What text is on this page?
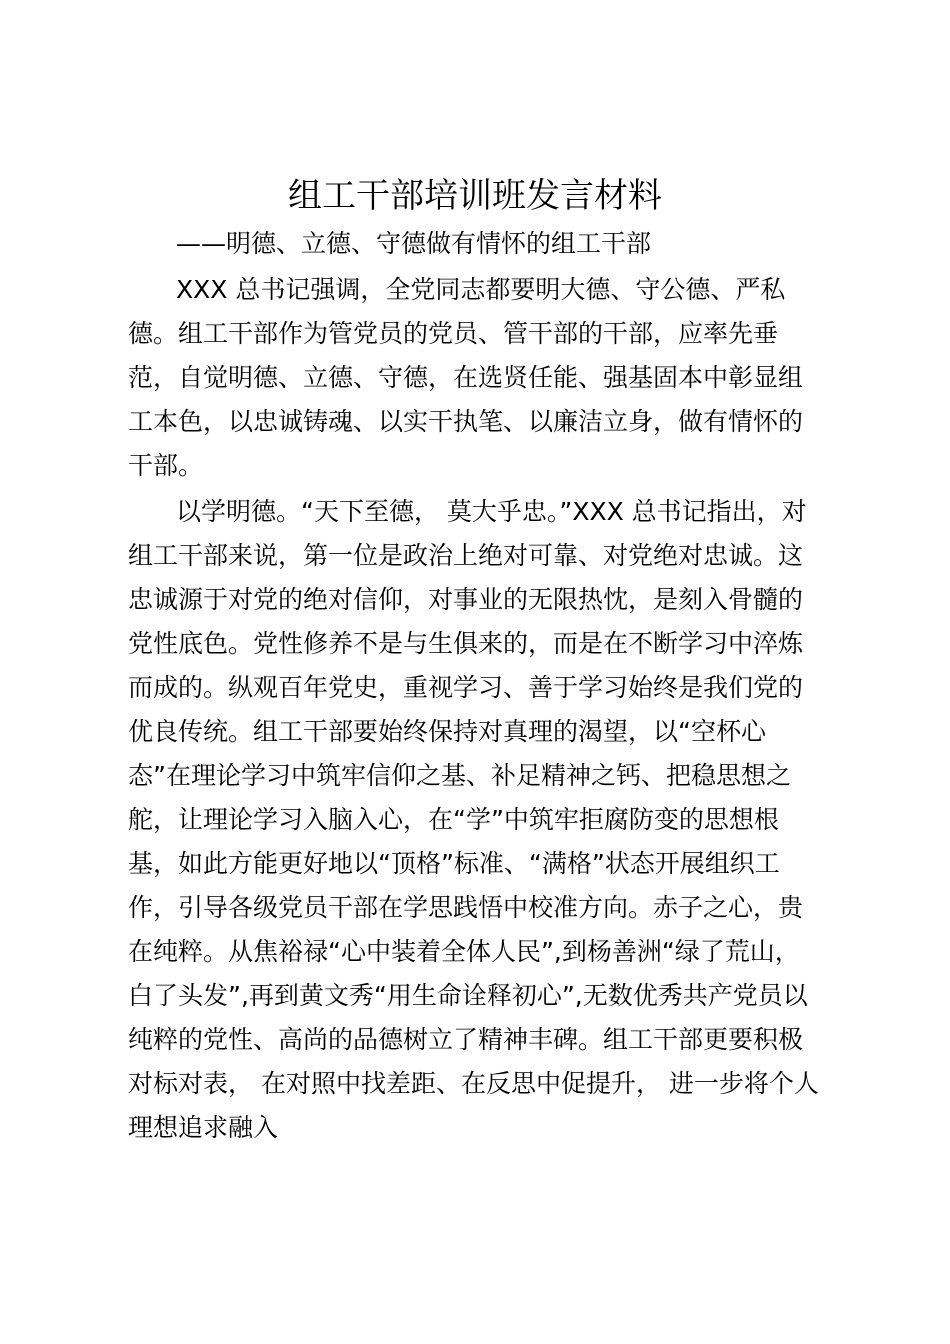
组工干部培训班发言材料

——明德、立德、守德做有情怀的组工干部

XXX 总书记强调，全党同志都要明大德、守公德、严私

德。组工干部作为管党员的党员、管干部的干部，应率先垂

范，自觉明德、立德、守德，在选贤任能、强基固本中彰显组

工本色，以忠诚铸魂、以实干执笔、以廉洁立身，做有情怀的

干部。

以学明德。“天下至德， 莫大乎忠。”XXX 总书记指出，对

组工干部来说，第一位是政治上绝对可靠、对党绝对忠诚。这

忠诚源于对党的绝对信仰，对事业的无限热忱，是刻入骨髓的

党性底色。党性修养不是与生俱来的，而是在不断学习中淬炼

而成的。纵观百年党史，重视学习、善于学习始终是我们党的

优良传统。组工干部要始终保持对真理的渴望，以“空杯心

态”在理论学习中筑牢信仰之基、补足精神之钙、把稳思想之

舵，让理论学习入脑入心，在“学”中筑牢拒腐防变的思想根

基，如此方能更好地以“顶格”标准、“满格”状态开展组织工

作，引导各级党员干部在学思践悟中校准方向。赤子之心，贵

在纯粹。从焦裕禄“心中装着全体人民”,到杨善洲“绿了荒山，

白了头发”,再到黄文秀“用生命诠释初心”,无数优秀共产党员以

纯粹的党性、高尚的品德树立了精神丰碑。组工干部更要积极

对标对表， 在对照中找差距、在反思中促提升， 进一步将个人

理想追求融入
